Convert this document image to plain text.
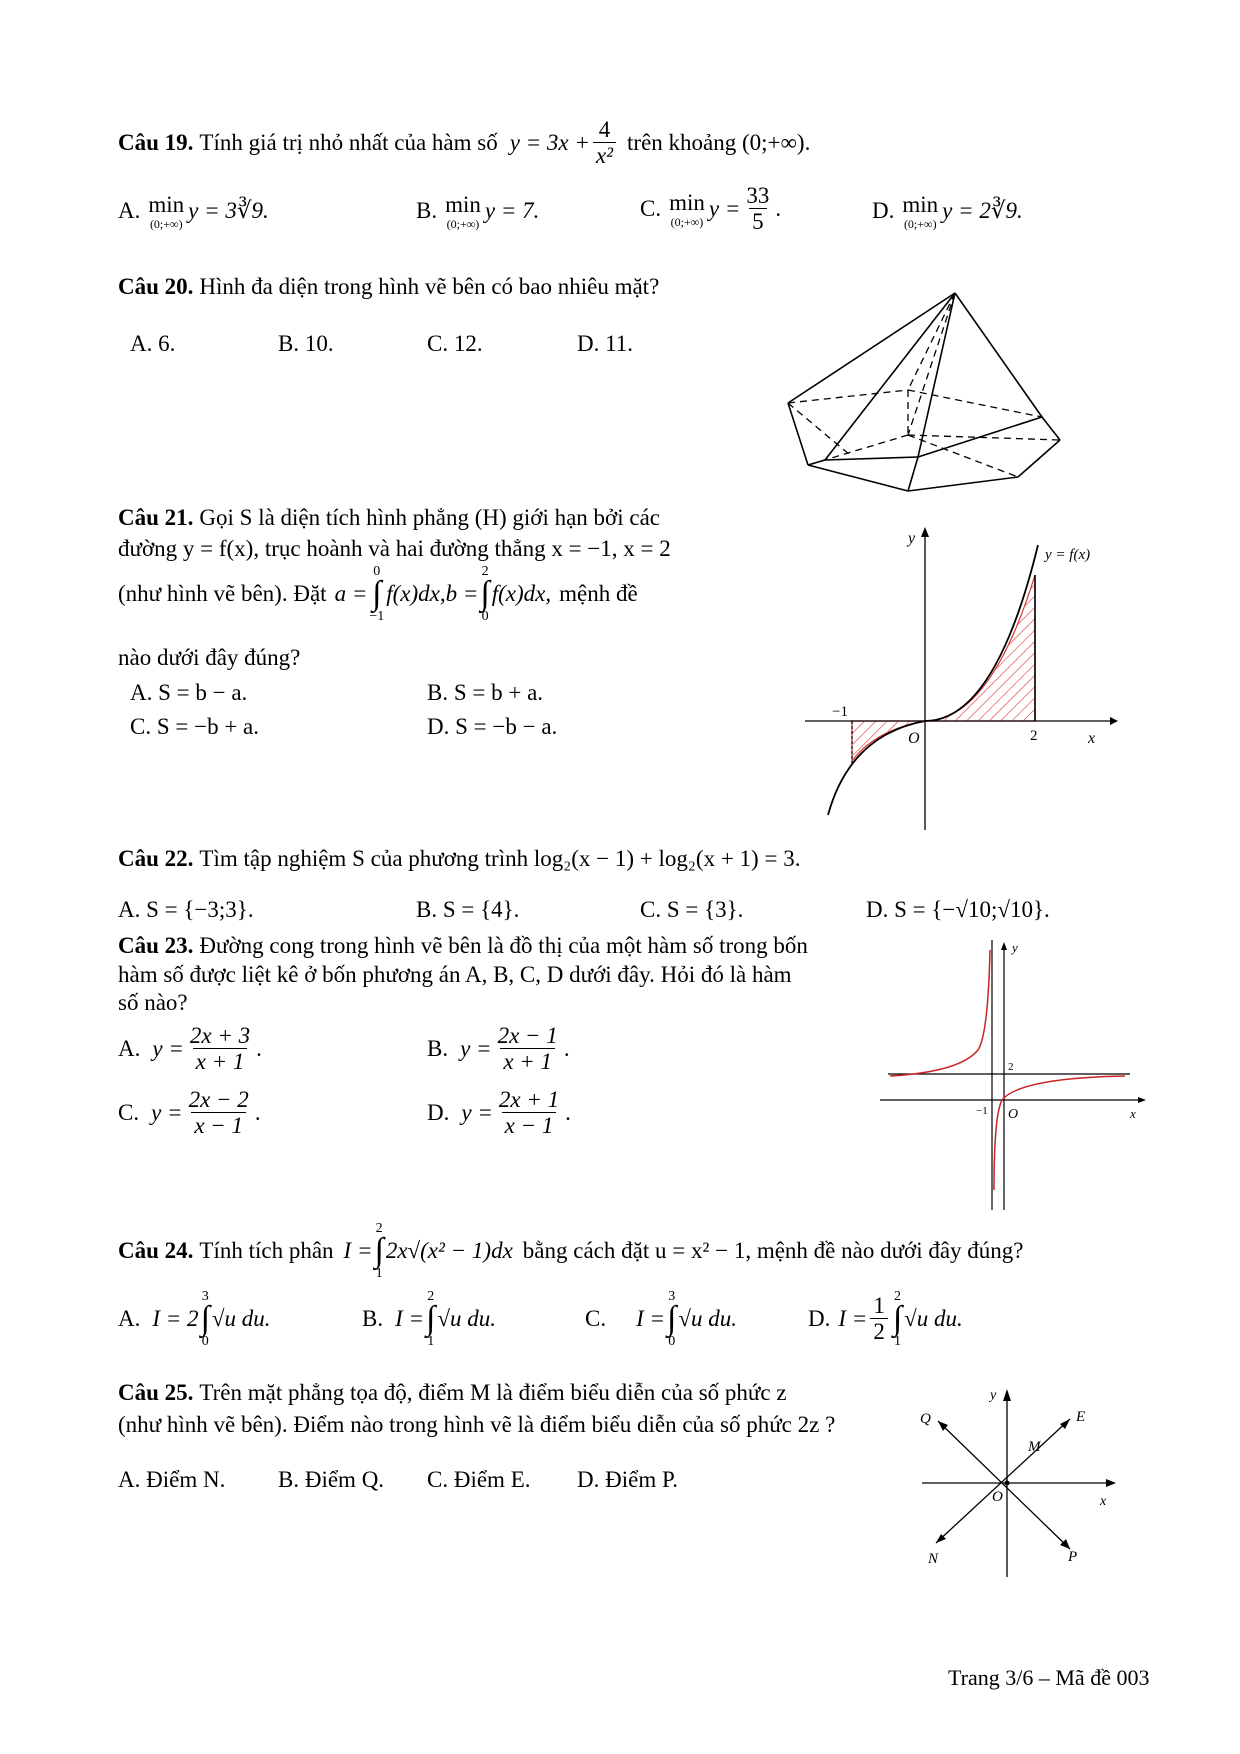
Câu 19. Tính giá trị nhỏ nhất của hàm số $y = 3x + \frac{4}{\text{x²}}$ trên khoảng (0;+∞).
A. min
(0;+∞)
y = 3∛9.	B. min
(0;+∞)
y = 7.	C. min
(0;+∞)
$y = \frac{33}{5}$ .	D. min
(0;+∞)
y = 2∛9.
Câu 20. Hình đa diện trong hình vẽ bên có bao nhiêu mặt?
A. 6.	B. 10.	C. 12.	D. 11.
Câu 21. Gọi S là diện tích hình phẳng (H) giới hạn bởi các
đường y = f(x), trục hoành và hai đường thẳng x = −1, x = 2
(như hình vẽ bên). Đặt a =
0
∫
−1
f(x)dx, b =
2
∫
0
f(x)dx, mệnh đề
nào dưới đây đúng?
A. S = b − a.	B. S = b + a.
C. S = −b + a.	D. S = −b − a.
y
x
y = f(x)
O
−1
2
Câu 22. Tìm tập nghiệm S của phương trình log₂(x − 1) + log₂(x + 1) = 3.
A. S = {−3;3}.	B. S = {4}.	C. S = {3}.	D. S = {−√10;√10}.
Câu 23. Đường cong trong hình vẽ bên là đồ thị của một hàm số trong bốn
hàm số được liệt kê ở bốn phương án A, B, C, D dưới đây. Hỏi đó là hàm
số nào?
A. $y = \frac{2x + 3}{x + 1}$ .	B. $y = \frac{2x - 1}{x + 1}$ .
C. $y = \frac{2x - 2}{x - 1}$ .	D. $y = \frac{2x + 1}{x - 1}$ .
y
x
O
−1
2
Câu 24. Tính tích phân I =
2
∫
1
2x√(x² − 1)dx bằng cách đặt u = x² − 1, mệnh đề nào dưới đây đúng?
A. I = 2
3
∫
0
√u du.	B. I =
2
∫
1
√u du.	C. I =
3
∫
0
√u du.	D. $I = \frac{1}{2} 2$
∫
1
√u du.
Câu 25. Trên mặt phẳng tọa độ, điểm M là điểm biểu diễn của số phức z
(như hình vẽ bên). Điểm nào trong hình vẽ là điểm biểu diễn của số phức 2z ?
A. Điểm N. B. Điểm Q. C. Điểm E. D. Điểm P.
y
x
O
Q	E
M
N	P
Trang 3/6 – Mã đề 003
